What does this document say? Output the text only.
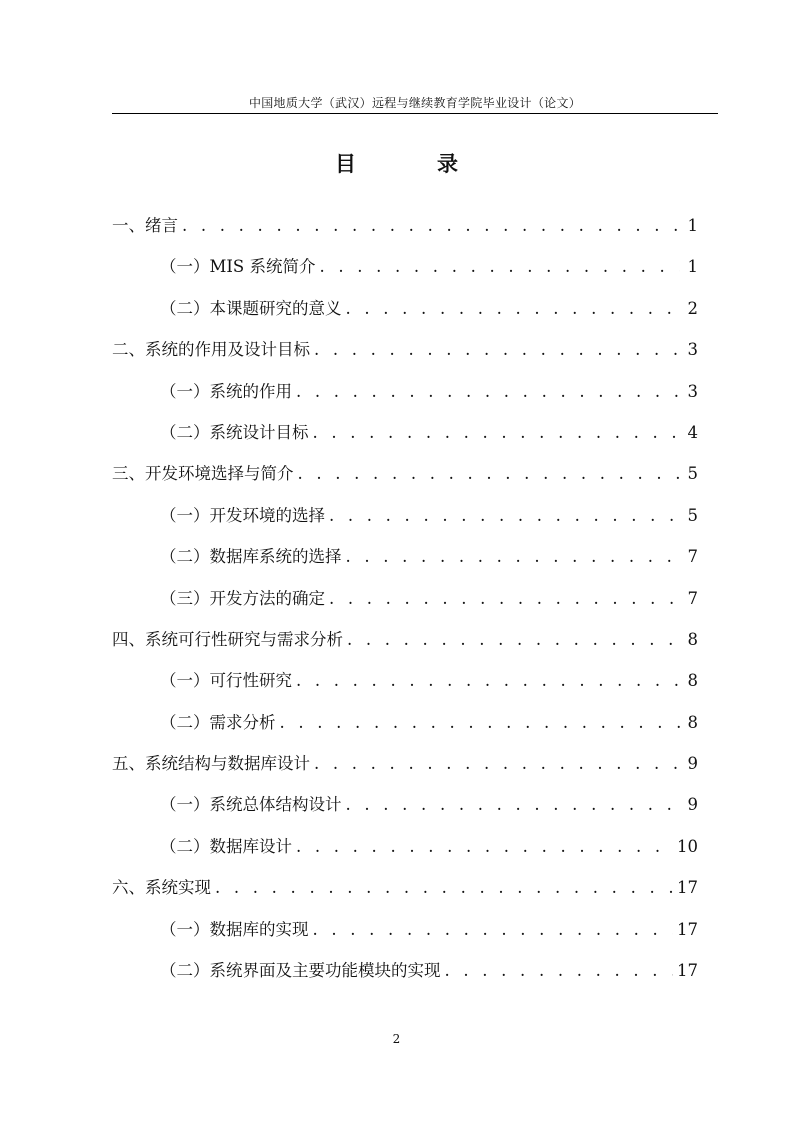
中国地质大学（武汉）远程与继续教育学院毕业设计（论文）
目　录
一、绪言 . . .	1
（一）MIS 系统简介 . . .	1
（二）本课题研究的意义 . . .	2
二、系统的作用及设计目标 . . .	3
（一）系统的作用 . . .	3
（二）系统设计目标 . . .	4
三、开发环境选择与简介 . . .	5
（一）开发环境的选择 . . .	5
（二）数据库系统的选择 . . .	7
（三）开发方法的确定 . . .	7
四、系统可行性研究与需求分析 . . .	8
（一）可行性研究 . . .	8
（二）需求分析 . . .	8
五、系统结构与数据库设计 . . .	9
（一）系统总体结构设计 . . .	9
（二）数据库设计 . . .	10
六、系统实现 . . .	17
（一）数据库的实现 . . .	17
（二）系统界面及主要功能模块的实现 . . .	17
2
